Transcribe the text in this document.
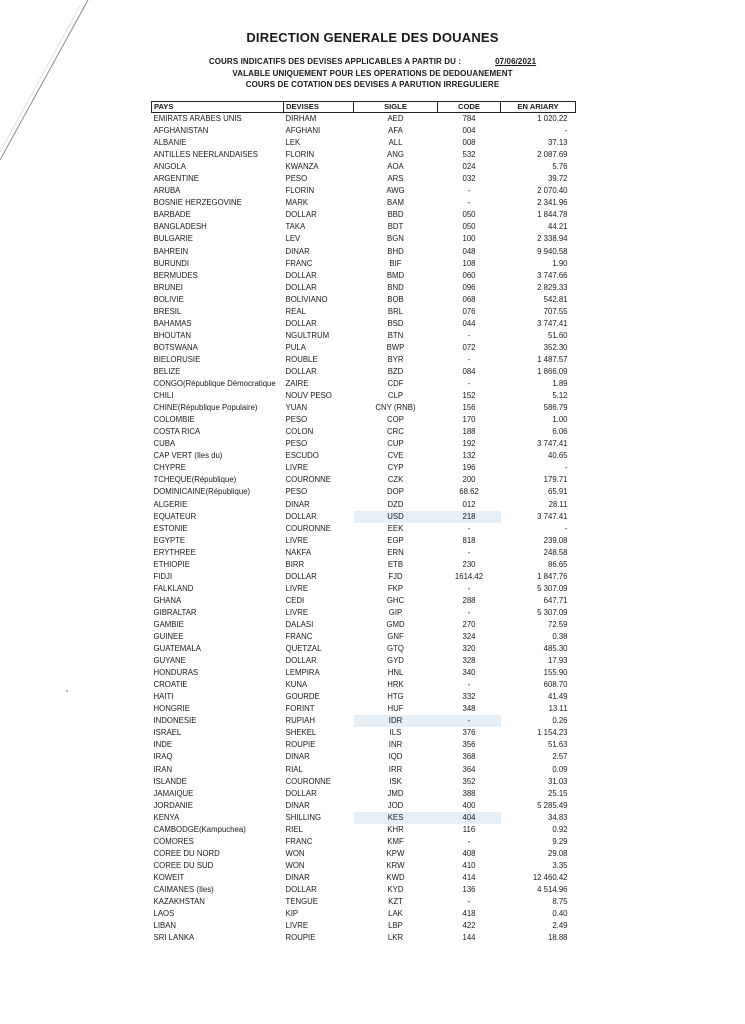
DIRECTION GENERALE DES DOUANES
COURS INDICATIFS DES DEVISES APPLICABLES A PARTIR DU :	07/06/2021
VALABLE UNIQUEMENT POUR LES OPERATIONS DE DEDOUANEMENT
COURS DE COTATION DES DEVISES A PARUTION IRREGULIERE
PAYS	DEVISES	SIGLE	CODE	EN ARIARY
EMIRATS ARABES UNIS	DIRHAM	AED	784	1 020.22
AFGHANISTAN	AFGHANI	AFA	004	-
ALBANIE	LEK	ALL	008	37.13
ANTILLES NEERLANDAISES	FLORIN	ANG	532	2 087.69
ANGOLA	KWANZA	AOA	024	5.76
ARGENTINE	PESO	ARS	032	39.72
ARUBA	FLORIN	AWG	-	2 070.40
BOSNIE HERZEGOVINE	MARK	BAM	-	2 341.96
BARBADE	DOLLAR	BBD	050	1 844.78
BANGLADESH	TAKA	BDT	050	44.21
BULGARIE	LEV	BGN	100	2 338.94
BAHREIN	DINAR	BHD	048	9 940.58
BURUNDI	FRANC	BIF	108	1.90
BERMUDES	DOLLAR	BMD	060	3 747.66
BRUNEI	DOLLAR	BND	096	2 829.33
BOLIVIE	BOLIVIANO	BOB	068	542.81
BRESIL	REAL	BRL	076	707.55
BAHAMAS	DOLLAR	BSD	044	3 747.41
BHOUTAN	NGULTRUM	BTN	-	51.60
BOTSWANA	PULA	BWP	072	352.30
BIELORUSIE	ROUBLE	BYR	-	1 487.57
BELIZE	DOLLAR	BZD	084	1 866.09
CONGO(République Démocratique	ZAIRE	CDF	-	1.89
CHILI	NOUV PESO	CLP	152	5.12
CHINE(République Populaire)	YUAN	CNY (RNB)	156	586.79
COLOMBIE	PESO	COP	170	1.00
COSTA RICA	COLON	CRC	188	6.06
CUBA	PESO	CUP	192	3 747.41
CAP VERT (Iles du)	ESCUDO	CVE	132	40.65
CHYPRE	LIVRE	CYP	196	-
TCHEQUE(République)	COURONNE	CZK	200	179.71
DOMINICAINE(République)	PESO	DOP	68.62	65.91
ALGERIE	DINAR	DZD	012	28.11
EQUATEUR	DOLLAR	USD	218	3 747.41
ESTONIE	COURONNE	EEK	-	-
EGYPTE	LIVRE	EGP	818	239.08
ERYTHREE	NAKFA	ERN	-	248.58
ETHIOPIE	BIRR	ETB	230	86.65
FIDJI	DOLLAR	FJD	1614.42	1 847.76
FALKLAND	LIVRE	FKP	-	5 307.09
GHANA	CEDI	GHC	288	647.71
GIBRALTAR	LIVRE	GIP	-	5 307.09
GAMBIE	DALASI	GMD	270	72.59
GUINEE	FRANC	GNF	324	0.38
GUATEMALA	QUETZAL	GTQ	320	485.30
GUYANE	DOLLAR	GYD	328	17.93
HONDURAS	LEMPIRA	HNL	340	155.90
CROATIE	KUNA	HRK	-	608.70
HAITI	GOURDE	HTG	332	41.49
HONGRIE	FORINT	HUF	348	13.11
INDONESIE	RUPIAH	IDR	-	0.26
ISRAEL	SHEKEL	ILS	376	1 154.23
INDE	ROUPIE	INR	356	51.63
IRAQ	DINAR	IQD	368	2.57
IRAN	RIAL	IRR	364	0.09
ISLANDE	COURONNE	ISK	352	31.03
JAMAIQUE	DOLLAR	JMD	388	25.15
JORDANIE	DINAR	JOD	400	5 285.49
KENYA	SHILLING	KES	404	34.83
CAMBODGE(Kampuchea)	RIEL	KHR	116	0.92
COMORES	FRANC	KMF	-	9.29
COREE DU NORD	WON	KPW	408	29.08
COREE DU SUD	WON	KRW	410	3.35
KOWEIT	DINAR	KWD	414	12 460.42
CAIMANES (Iles)	DOLLAR	KYD	136	4 514.96
KAZAKHSTAN	TENGUE	KZT	-	8.75
LAOS	KIP	LAK	418	0.40
LIBAN	LIVRE	LBP	422	2.49
SRI LANKA	ROUPIE	LKR	144	18.88
